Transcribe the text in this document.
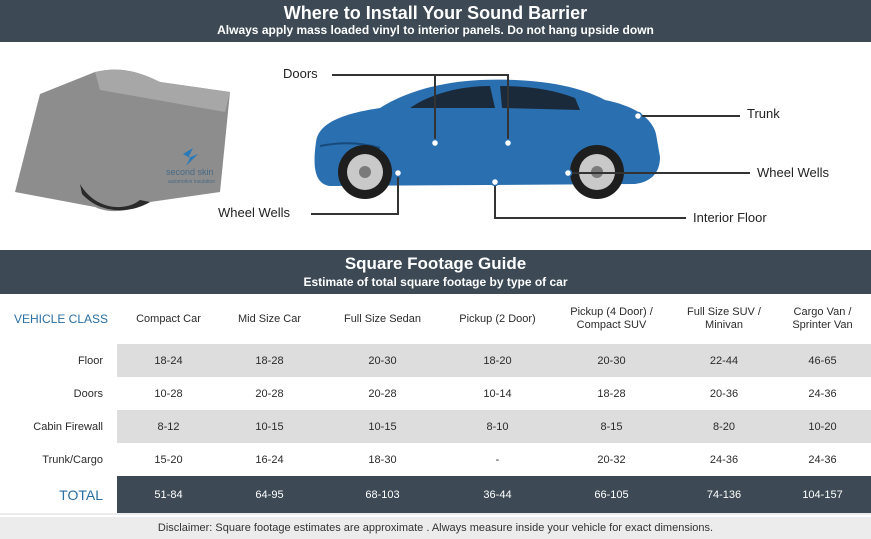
Where to Install Your Sound Barrier
Always apply mass loaded vinyl to interior panels. Do not hang upside down
second skin
automotive insulation
Doors
Trunk
Wheel Wells
Wheel Wells	Interior Floor
Square Footage Guide
Estimate of total square footage by type of car
VEHICLE CLASS	Compact Car	Mid Size Car	Full Size Sedan	Pickup (2 Door)	Pickup (4 Door) / Compact SUV	Full Size SUV / Minivan	Cargo Van / Sprinter Van
Floor	18-24	18-28	20-30	18-20	20-30	22-44	46-65
Doors	10-28	20-28	20-28	10-14	18-28	20-36	24-36
Cabin Firewall	8-12	10-15	10-15	8-10	8-15	8-20	10-20
Trunk/Cargo	15-20	16-24	18-30	-	20-32	24-36	24-36
TOTAL	51-84	64-95	68-103	36-44	66-105	74-136	104-157
Disclaimer: Square footage estimates are approximate . Always measure inside your vehicle for exact dimensions.
